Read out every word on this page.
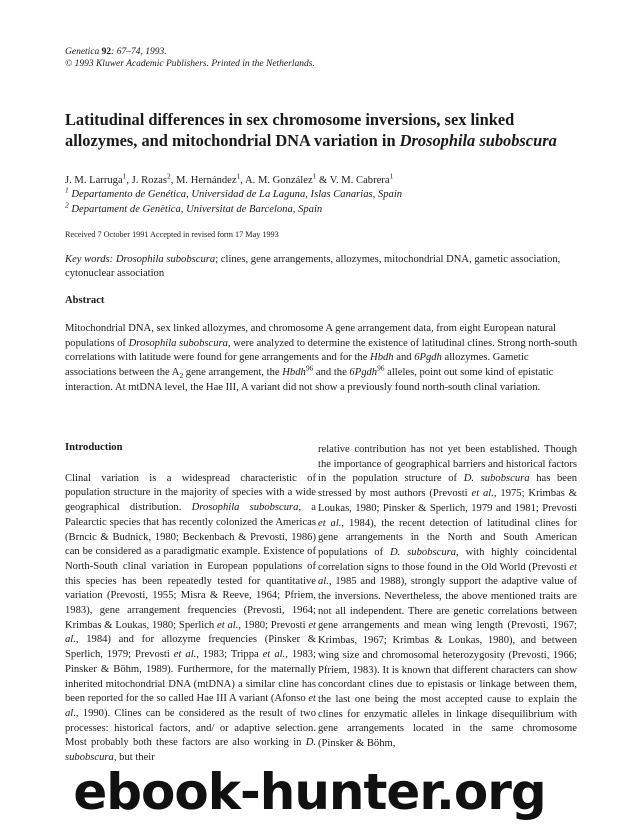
Genetica 92: 67–74, 1993.
© 1993 Kluwer Academic Publishers. Printed in the Netherlands.
Latitudinal differences in sex chromosome inversions, sex linked allozymes, and mitochondrial DNA variation in Drosophila subobscura
J. M. Larruga$^1$, J. Rozas$^2$, M. Hernández$^1$, A. M. González$^1$ & V. M. Cabrera$^1$
$^1$ Departamento de Genética, Universidad de La Laguna, Islas Canarias, Spain
$^2$ Departament de Genètica, Universitat de Barcelona, Spain
Received 7 October 1991 Accepted in revised form 17 May 1993
Key words: Drosophila subobscura; clines, gene arrangements, allozymes, mitochondrial DNA, gametic association, cytonuclear association
Abstract
Mitochondrial DNA, sex linked allozymes, and chromosome A gene arrangement data, from eight European natural populations of Drosophila subobscura, were analyzed to determine the existence of latitudinal clines. Strong north-south correlations with latitude were found for gene arrangements and for the Hbdh and 6Pgdh allozymes. Gametic associations between the $A_2$ gene arrangement, the Hbdh$^{96}$ and the 6Pgdh$^{96}$ alleles, point out some kind of epistatic interaction. At mtDNA level, the Hae III, A variant did not show a previously found north-south clinal variation.
Introduction

Clinal variation is a widespread characteristic of population structure in the majority of species with a wide geographical distribution. Drosophila subobscura, a Palearctic species that has recently colonized the Americas (Brncic & Budnick, 1980; Beckenbach & Prevosti, 1986) can be considered as a paradigmatic example. Existence of North-South clinal variation in European populations of this species has been repeatedly tested for quantitative variation (Prevosti, 1955; Misra & Reeve, 1964; Pfriem, 1983), gene arrangement frequencies (Prevosti, 1964; Krimbas & Loukas, 1980; Sperlich et al., 1980; Prevosti et al., 1984) and for allozyme frequencies (Pinsker & Sperlich, 1979; Prevosti et al., 1983; Trippa et al., 1983; Pinsker & Böhm, 1989). Furthermore, for the maternally inherited mitochondrial DNA (mtDNA) a similar cline has been reported for the so called Hae III A variant (Afonso et al., 1990). Clines can be considered as the result of two processes: historical factors, and/ or adaptive selection. Most probably both these factors are also working in D. subobscura, but their

relative contribution has not yet been established. Though the importance of geographical barriers and historical factors in the population structure of D. subobscura has been stressed by most authors (Prevosti et al., 1975; Krimbas & Loukas, 1980; Pinsker & Sperlich, 1979 and 1981; Prevosti et al., 1984), the recent detection of latitudinal clines for gene arrangements in the North and South American populations of D. subobscura, with highly coincidental correlation signs to those found in the Old World (Prevosti et al., 1985 and 1988), strongly support the adaptive value of the inversions. Nevertheless, the above mentioned traits are not all independent. There are genetic correlations between gene arrangements and mean wing length (Prevosti, 1967; Krimbas, 1967; Krimbas & Loukas, 1980), and between wing size and chromosomal heterozygosity (Prevosti, 1966; Pfriem, 1983). It is known that different characters can show concordant clines due to epistasis or linkage between them, the last one being the most accepted cause to explain the clines for enzymatic alleles in linkage disequilibrium with gene arrangements located in the same chromosome (Pinsker & Böhm,

ebook-hunter.org
